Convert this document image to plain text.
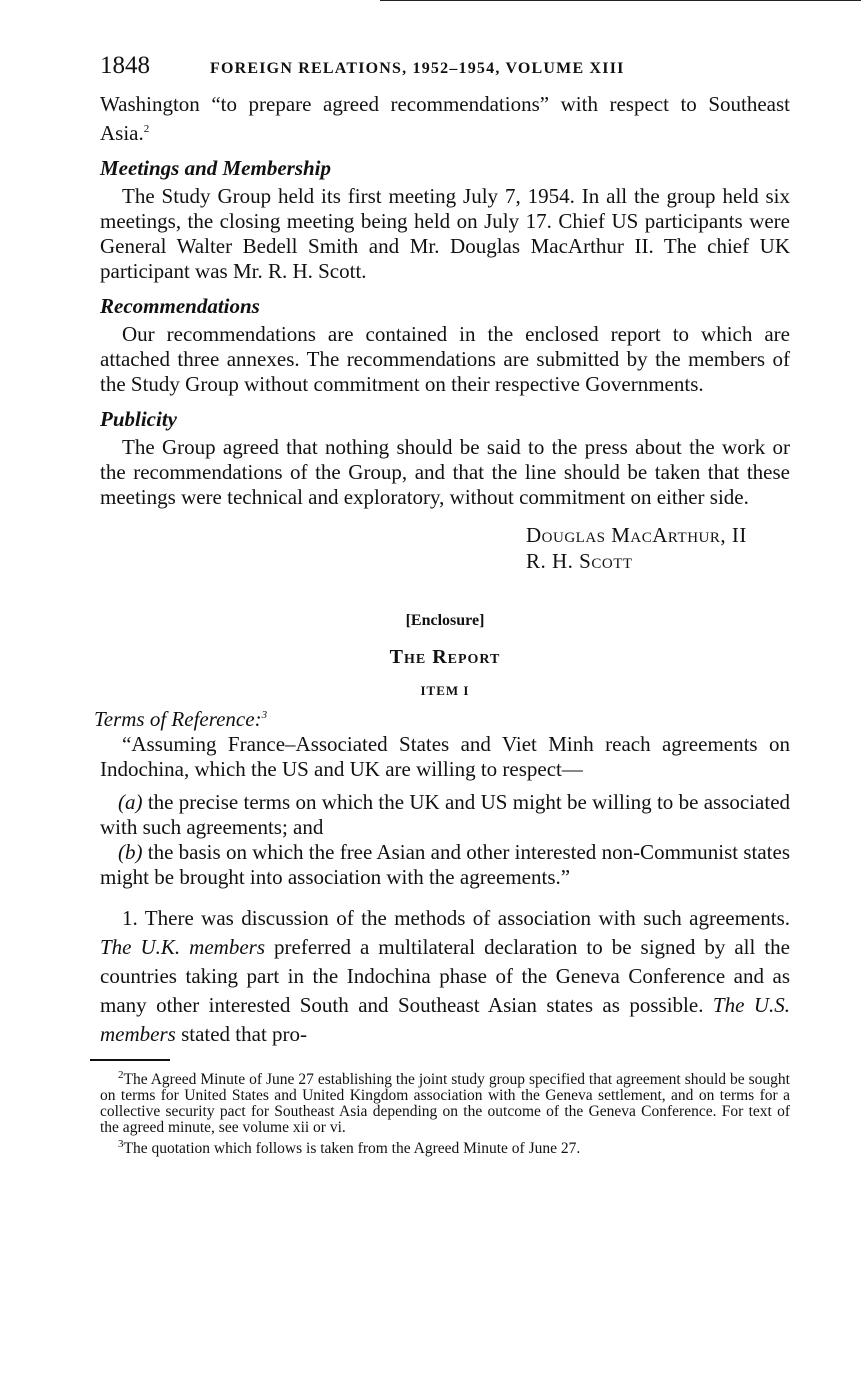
1848	FOREIGN RELATIONS, 1952–1954, VOLUME XIII

Washington “to prepare agreed recommendations” with respect to Southeast Asia.$^2$

Meetings and Membership

The Study Group held its first meeting July 7, 1954. In all the group held six meetings, the closing meeting being held on July 17. Chief US participants were General Walter Bedell Smith and Mr. Douglas MacArthur II. The chief UK participant was Mr. R. H. Scott.

Recommendations

Our recommendations are contained in the enclosed report to which are attached three annexes. The recommendations are submitted by the members of the Study Group without commitment on their respective Governments.

Publicity

The Group agreed that nothing should be said to the press about the work or the recommendations of the Group, and that the line should be taken that these meetings were technical and exploratory, without commitment on either side.

Douglas MacArthur, II
R. H. Scott
[Enclosure]
The Report
ITEM I
Terms of Reference:$^3$

“Assuming France–Associated States and Viet Minh reach agreements on Indochina, which the US and UK are willing to respect—

(a) the precise terms on which the UK and US might be willing to be associated with such agreements; and

(b) the basis on which the free Asian and other interested non-Communist states might be brought into association with the agreements.”

1. There was discussion of the methods of association with such agreements. The U.K. members preferred a multilateral declaration to be signed by all the countries taking part in the Indochina phase of the Geneva Conference and as many other interested South and Southeast Asian states as possible. The U.S. members stated that pro-

$^2$The Agreed Minute of June 27 establishing the joint study group specified that agreement should be sought on terms for United States and United Kingdom association with the Geneva settlement, and on terms for a collective security pact for Southeast Asia depending on the outcome of the Geneva Conference. For text of the agreed minute, see volume xii or vi.
$^3$The quotation which follows is taken from the Agreed Minute of June 27.
